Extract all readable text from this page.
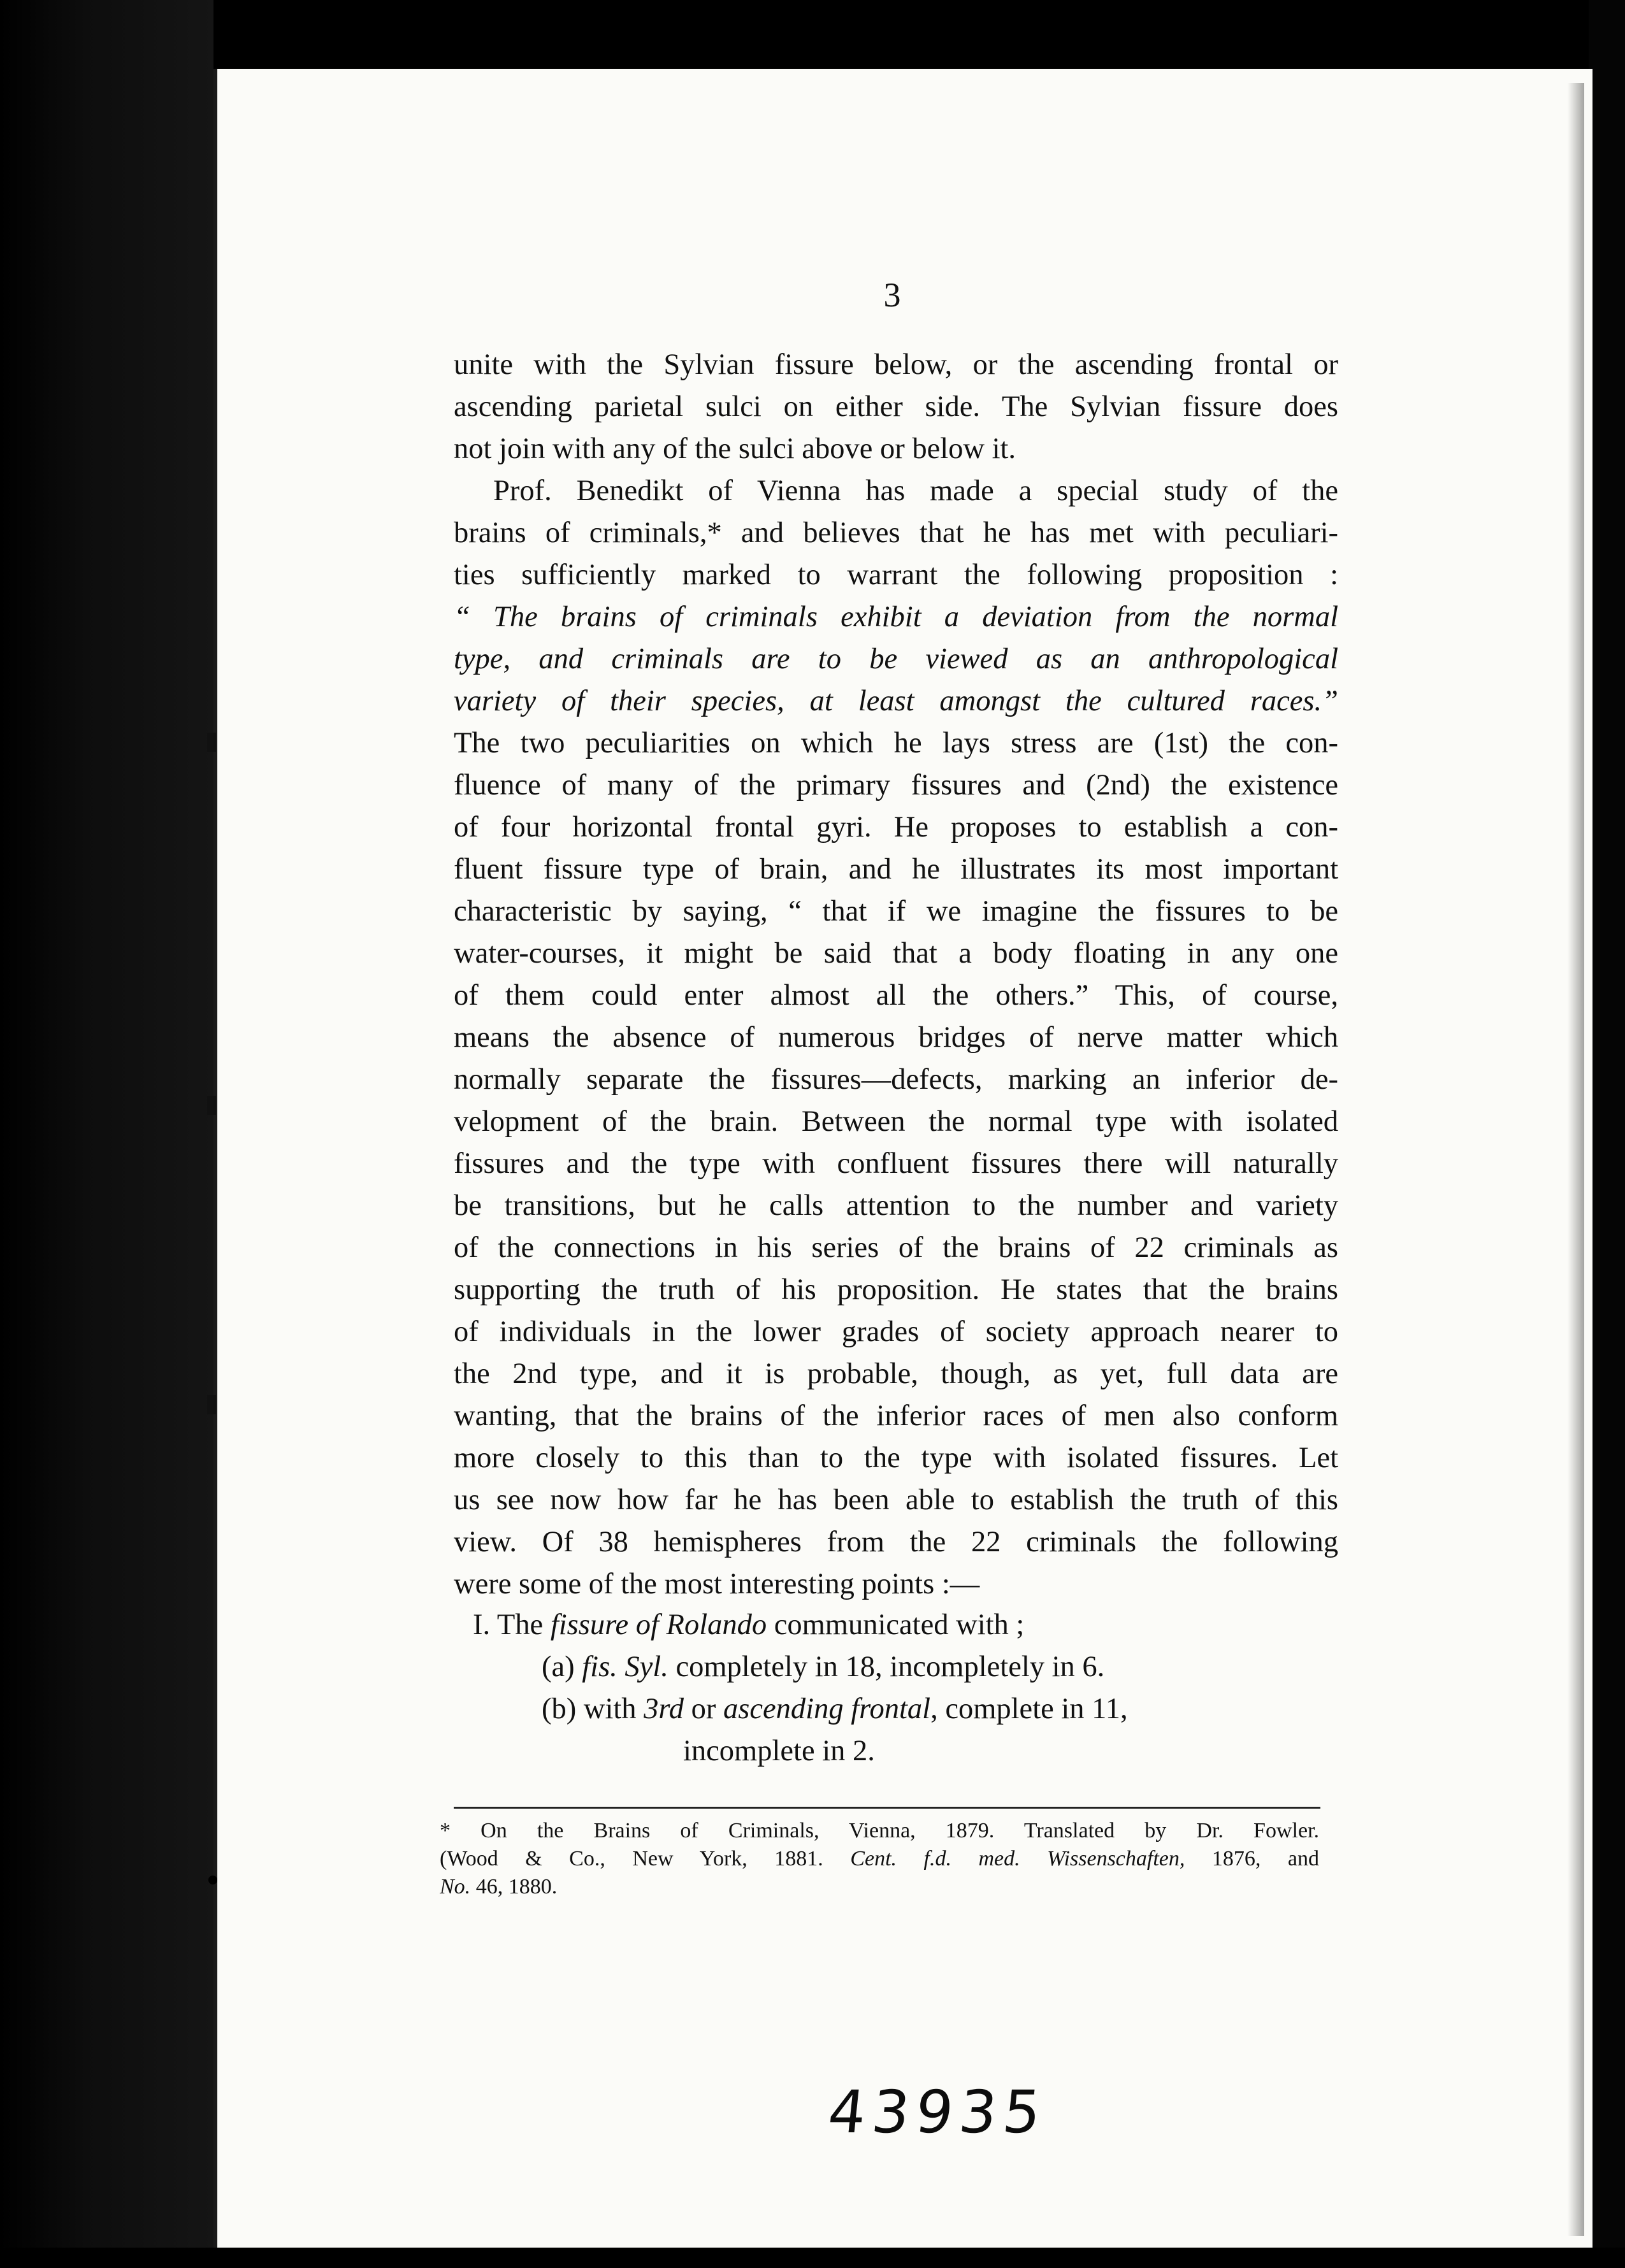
3

unite with the Sylvian fissure below, or the ascending frontal or
ascending parietal sulci on either side. The Sylvian fissure does
not join with any of the sulci above or below it.

Prof. Benedikt of Vienna has made a special study of the
brains of criminals,* and believes that he has met with peculiari-
ties sufficiently marked to warrant the following proposition :
“ The brains of criminals exhibit a deviation from the normal
type, and criminals are to be viewed as an anthropological
variety of their species, at least amongst the cultured races.”
The two peculiarities on which he lays stress are (1st) the con-
fluence of many of the primary fissures and (2nd) the existence
of four horizontal frontal gyri. He proposes to establish a con-
fluent fissure type of brain, and he illustrates its most important
characteristic by saying, “ that if we imagine the fissures to be
water-courses, it might be said that a body floating in any one
of them could enter almost all the others.” This, of course,
means the absence of numerous bridges of nerve matter which
normally separate the fissures—defects, marking an inferior de-
velopment of the brain. Between the normal type with isolated
fissures and the type with confluent fissures there will naturally
be transitions, but he calls attention to the number and variety
of the connections in his series of the brains of 22 criminals as
supporting the truth of his proposition. He states that the brains
of individuals in the lower grades of society approach nearer to
the 2nd type, and it is probable, though, as yet, full data are
wanting, that the brains of the inferior races of men also conform
more closely to this than to the type with isolated fissures. Let
us see now how far he has been able to establish the truth of this
view. Of 38 hemispheres from the 22 criminals the following
were some of the most interesting points :—

I. The fissure of Rolando communicated with ;
(a) fis. Syl. completely in 18, incompletely in 6.
(b) with 3rd or ascending frontal, complete in 11,
incomplete in 2.
* On the Brains of Criminals, Vienna, 1879. Translated by Dr. Fowler.
(Wood & Co., New York, 1881. Cent. f.d. med. Wissenschaften, 1876, and
No. 46, 1880.
43935
